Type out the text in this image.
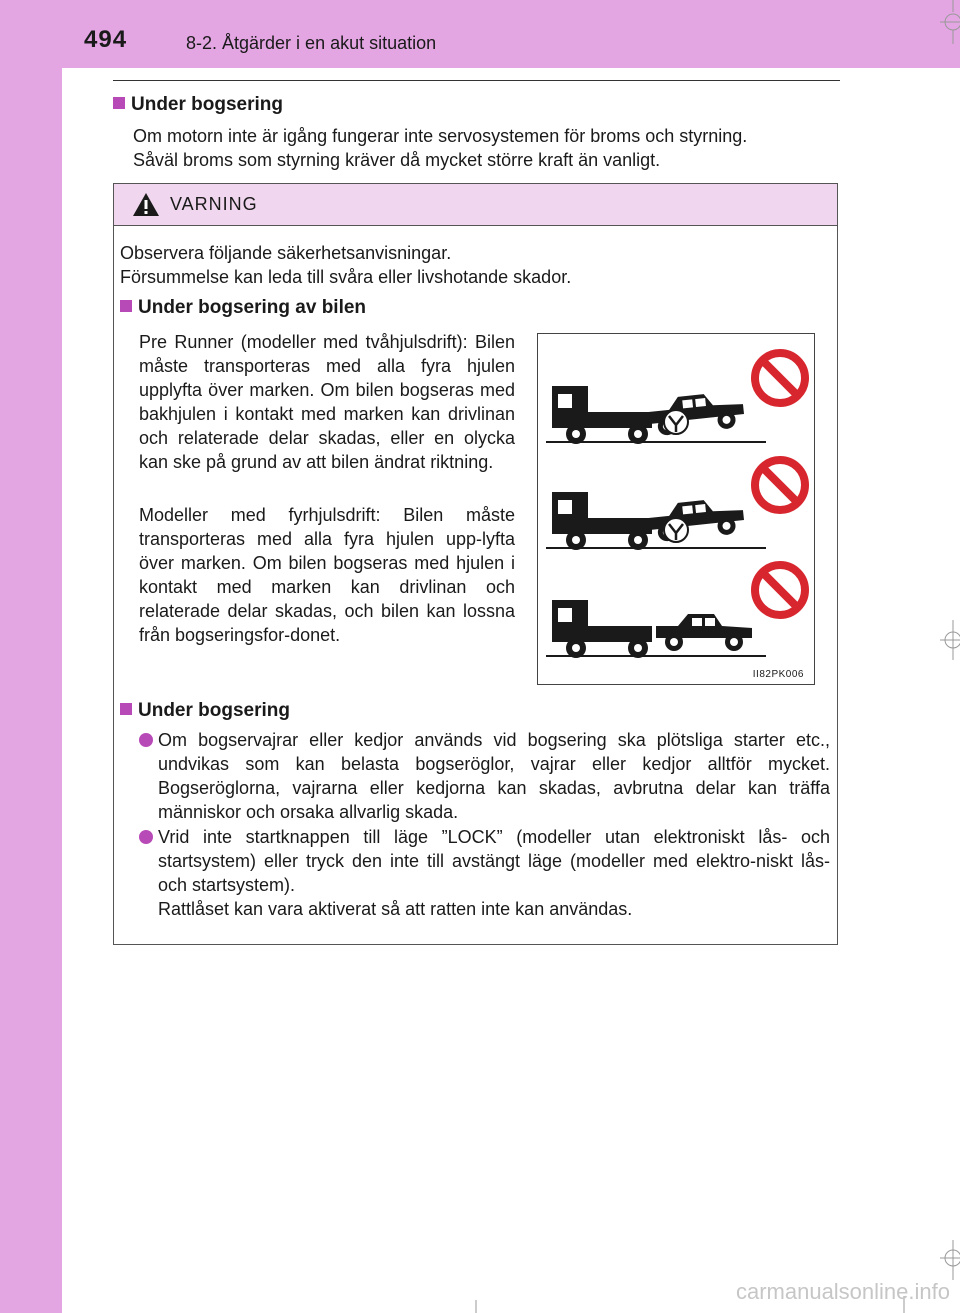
494	8-2. Åtgärder i en akut situation
Under bogsering
Om motorn inte är igång fungerar inte servosystemen för broms och styrning.
Såväl broms som styrning kräver då mycket större kraft än vanligt.
VARNING
Observera följande säkerhetsanvisningar.
Försummelse kan leda till svåra eller livshotande skador.
Under bogsering av bilen
Pre Runner (modeller med tvåhjulsdrift): Bilen måste transporteras med alla fyra hjulen upplyfta över marken. Om bilen bogseras med bakhjulen i kontakt med marken kan drivlinan och relaterade delar skadas, eller en olycka kan ske på grund av att bilen ändrat riktning.
Modeller med fyrhjulsdrift: Bilen måste transporteras med alla fyra hjulen upp-lyfta över marken. Om bilen bogseras med hjulen i kontakt med marken kan drivlinan och relaterade delar skadas, och bilen kan lossna från bogseringsfor-donet.
Under bogsering
Om bogservajrar eller kedjor används vid bogsering ska plötsliga starter etc., undvikas som kan belasta bogseröglor, vajrar eller kedjor alltför mycket. Bogseröglorna, vajrarna eller kedjorna kan skadas, avbrutna delar kan träffa människor och orsaka allvarlig skada.
Vrid inte startknappen till läge ”LOCK” (modeller utan elektroniskt lås- och startsystem) eller tryck den inte till avstängt läge (modeller med elektro-niskt lås- och startsystem).
Rattlåset kan vara aktiverat så att ratten inte kan användas.
II82PK006
carmanualsonline.info
